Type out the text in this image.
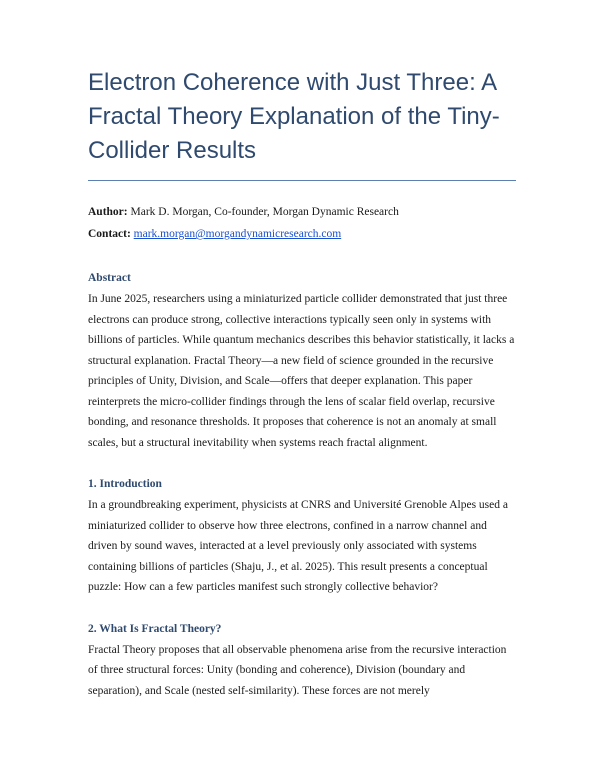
Electron Coherence with Just Three: A Fractal Theory Explanation of the Tiny-Collider Results
Author: Mark D. Morgan, Co-founder, Morgan Dynamic Research
Contact: mark.morgan@morgandynamicresearch.com
Abstract

In June 2025, researchers using a miniaturized particle collider demonstrated that just three electrons can produce strong, collective interactions typically seen only in systems with billions of particles. While quantum mechanics describes this behavior statistically, it lacks a structural explanation. Fractal Theory—a new field of science grounded in the recursive principles of Unity, Division, and Scale—offers that deeper explanation. This paper reinterprets the micro-collider findings through the lens of scalar field overlap, recursive bonding, and resonance thresholds. It proposes that coherence is not an anomaly at small scales, but a structural inevitability when systems reach fractal alignment.

1. Introduction

In a groundbreaking experiment, physicists at CNRS and Université Grenoble Alpes used a miniaturized collider to observe how three electrons, confined in a narrow channel and driven by sound waves, interacted at a level previously only associated with systems containing billions of particles (Shaju, J., et al. 2025). This result presents a conceptual puzzle: How can a few particles manifest such strongly collective behavior?

2. What Is Fractal Theory?

Fractal Theory proposes that all observable phenomena arise from the recursive interaction of three structural forces: Unity (bonding and coherence), Division (boundary and separation), and Scale (nested self-similarity). These forces are not merely
